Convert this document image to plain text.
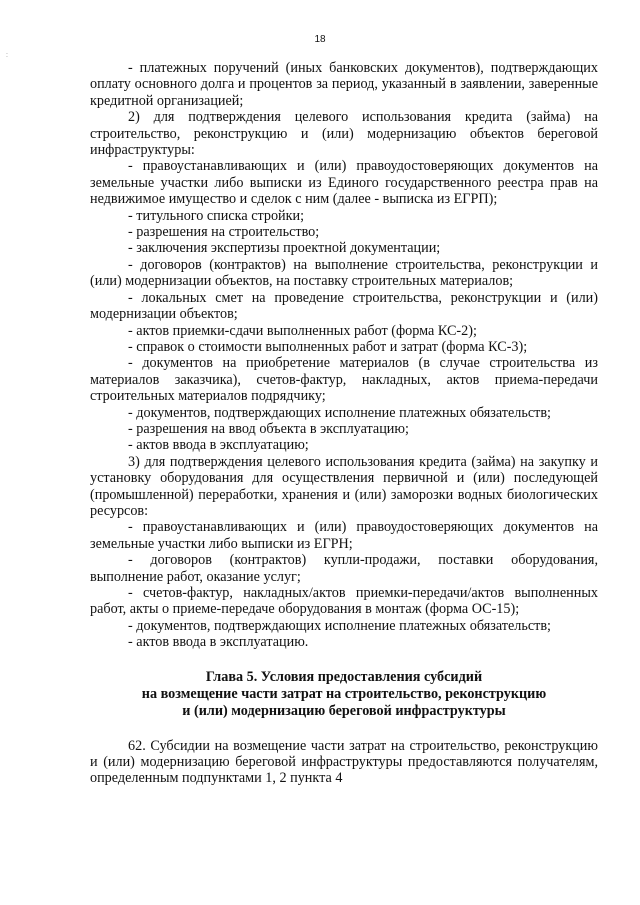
:
18

- платежных поручений (иных банковских документов), подтверждающих оплату основного долга и процентов за период, указанный в заявлении, заверенные кредитной организацией;

2) для подтверждения целевого использования кредита (займа) на строительство, реконструкцию и (или) модернизацию объектов береговой инфраструктуры:

- правоустанавливающих и (или) правоудостоверяющих документов на земельные участки либо выписки из Единого государственного реестра прав на недвижимое имущество и сделок с ним (далее - выписка из ЕГРП);

- титульного списка стройки;

- разрешения на строительство;

- заключения экспертизы проектной документации;

- договоров (контрактов) на выполнение строительства, реконструкции и (или) модернизации объектов, на поставку строительных материалов;

- локальных смет на проведение строительства, реконструкции и (или) модернизации объектов;

- актов приемки-сдачи выполненных работ (форма КС-2);

- справок о стоимости выполненных работ и затрат (форма КС-3);

- документов на приобретение материалов (в случае строительства из материалов заказчика), счетов-фактур, накладных, актов приема-передачи строительных материалов подрядчику;

- документов, подтверждающих исполнение платежных обязательств;

- разрешения на ввод объекта в эксплуатацию;

- актов ввода в эксплуатацию;

3) для подтверждения целевого использования кредита (займа) на закупку и установку оборудования для осуществления первичной и (или) последующей (промышленной) переработки, хранения и (или) заморозки водных биологических ресурсов:

- правоустанавливающих и (или) правоудостоверяющих документов на земельные участки либо выписки из ЕГРН;

- договоров (контрактов) купли-продажи, поставки оборудования, выполнение работ, оказание услуг;

- счетов-фактур, накладных/актов приемки-передачи/актов выполненных работ, акты о приеме-передаче оборудования в монтаж (форма ОС-15);

- документов, подтверждающих исполнение платежных обязательств;

- актов ввода в эксплуатацию.

Глава 5. Условия предоставления субсидий
на возмещение части затрат на строительство, реконструкцию
и (или) модернизацию береговой инфраструктуры

62. Субсидии на возмещение части затрат на строительство, реконструкцию и (или) модернизацию береговой инфраструктуры предоставляются получателям, определенным подпунктами 1, 2 пункта 4
